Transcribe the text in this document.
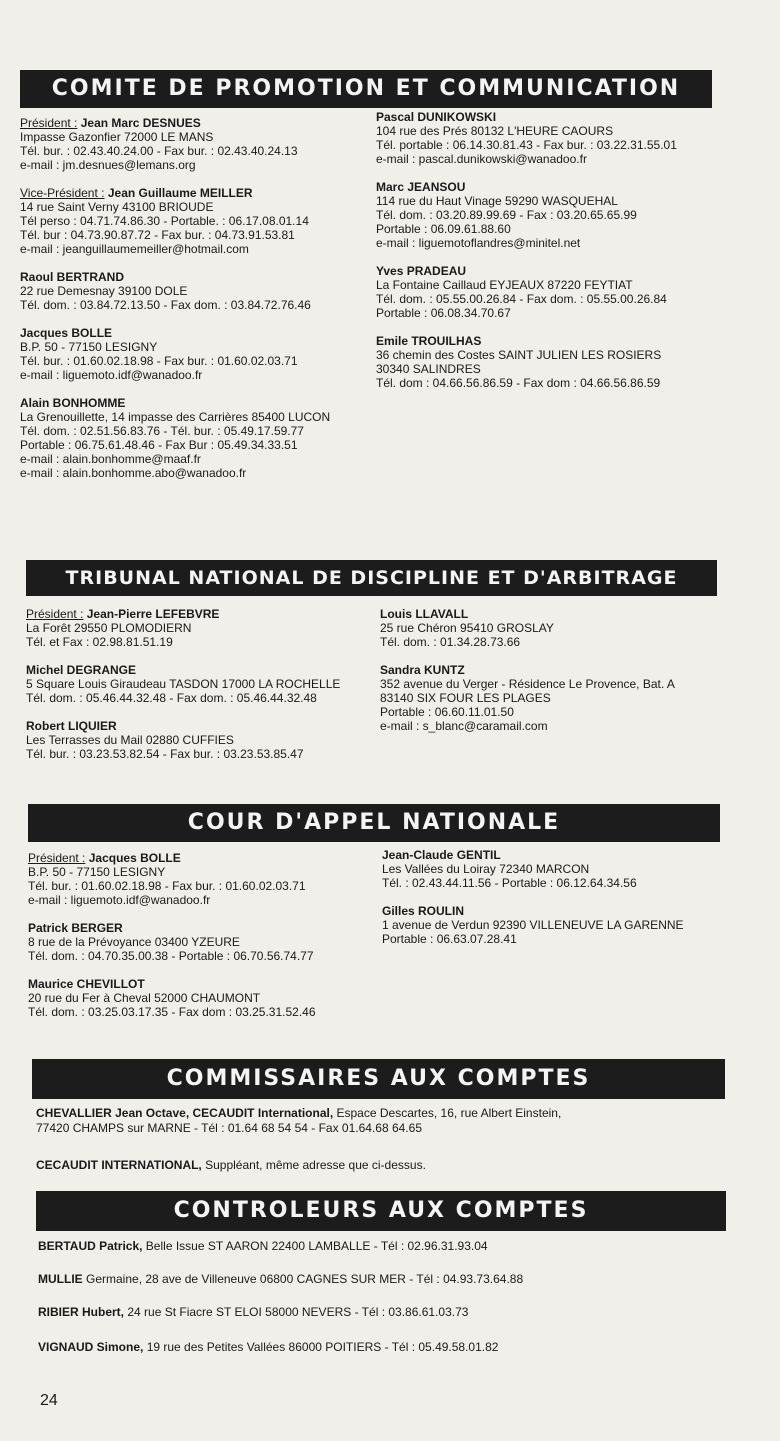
COMITE DE PROMOTION ET COMMUNICATION
Président : Jean Marc DESNUES
Impasse Gazonfier 72000 LE MANS
Tél. bur. : 02.43.40.24.00 - Fax bur. : 02.43.40.24.13
e-mail : jm.desnues@lemans.org
Vice-Président : Jean Guillaume MEILLER
14 rue Saint Verny 43100 BRIOUDE
Tél perso : 04.71.74.86.30 - Portable. : 06.17.08.01.14
Tél. bur : 04.73.90.87.72 - Fax bur. : 04.73.91.53.81
e-mail : jeanguillaumemeiller@hotmail.com
Raoul BERTRAND
22 rue Demesnay 39100 DOLE
Tél. dom. : 03.84.72.13.50 - Fax dom. : 03.84.72.76.46
Jacques BOLLE
B.P. 50 - 77150 LESIGNY
Tél. bur. : 01.60.02.18.98 - Fax bur. : 01.60.02.03.71
e-mail : liguemoto.idf@wanadoo.fr
Alain BONHOMME
La Grenouillette, 14 impasse des Carrières 85400 LUCON
Tél. dom. : 02.51.56.83.76 - Tél. bur. : 05.49.17.59.77
Portable : 06.75.61.48.46 - Fax Bur : 05.49.34.33.51
e-mail : alain.bonhomme@maaf.fr
e-mail : alain.bonhomme.abo@wanadoo.fr
Pascal DUNIKOWSKI
104 rue des Prés 80132 L'HEURE CAOURS
Tél. portable : 06.14.30.81.43 - Fax bur. : 03.22.31.55.01
e-mail : pascal.dunikowski@wanadoo.fr
Marc JEANSOU
114 rue du Haut Vinage 59290 WASQUEHAL
Tél. dom. : 03.20.89.99.69 - Fax : 03.20.65.65.99
Portable : 06.09.61.88.60
e-mail : liguemotoflandres@minitel.net
Yves PRADEAU
La Fontaine Caillaud EYJEAUX 87220 FEYTIAT
Tél. dom. : 05.55.00.26.84 - Fax dom. : 05.55.00.26.84
Portable : 06.08.34.70.67
Emile TROUILHAS
36 chemin des Costes SAINT JULIEN LES ROSIERS
30340 SALINDRES
Tél. dom : 04.66.56.86.59 - Fax dom : 04.66.56.86.59
TRIBUNAL NATIONAL DE DISCIPLINE ET D'ARBITRAGE
Président : Jean-Pierre LEFEBVRE
La Forêt 29550 PLOMODIERN
Tél. et Fax : 02.98.81.51.19
Michel DEGRANGE
5 Square Louis Giraudeau TASDON 17000 LA ROCHELLE
Tél. dom. : 05.46.44.32.48 - Fax dom. : 05.46.44.32.48
Robert LIQUIER
Les Terrasses du Mail 02880 CUFFIES
Tél. bur. : 03.23.53.82.54 - Fax bur. : 03.23.53.85.47
Louis LLAVALL
25 rue Chéron 95410 GROSLAY
Tél. dom. : 01.34.28.73.66
Sandra KUNTZ
352 avenue du Verger - Résidence Le Provence, Bat. A
83140 SIX FOUR LES PLAGES
Portable : 06.60.11.01.50
e-mail : s_blanc@caramail.com
COUR D'APPEL NATIONALE
Président : Jacques BOLLE
B.P. 50 - 77150 LESIGNY
Tél. bur. : 01.60.02.18.98 - Fax bur. : 01.60.02.03.71
e-mail : liguemoto.idf@wanadoo.fr
Patrick BERGER
8 rue de la Prévoyance 03400 YZEURE
Tél. dom. : 04.70.35.00.38 - Portable : 06.70.56.74.77
Maurice CHEVILLOT
20 rue du Fer à Cheval 52000 CHAUMONT
Tél. dom. : 03.25.03.17.35 - Fax dom : 03.25.31.52.46
Jean-Claude GENTIL
Les Vallées du Loiray 72340 MARCON
Tél. : 02.43.44.11.56 - Portable : 06.12.64.34.56
Gilles ROULIN
1 avenue de Verdun 92390 VILLENEUVE LA GARENNE
Portable : 06.63.07.28.41
COMMISSAIRES AUX COMPTES
CHEVALLIER Jean Octave, CECAUDIT International, Espace Descartes, 16, rue Albert Einstein,
77420 CHAMPS sur MARNE - Tél : 01.64 68 54 54 - Fax 01.64.68 64.65
CECAUDIT INTERNATIONAL, Suppléant, même adresse que ci-dessus.
CONTROLEURS AUX COMPTES
BERTAUD Patrick, Belle Issue ST AARON 22400 LAMBALLE - Tél : 02.96.31.93.04
MULLIE Germaine, 28 ave de Villeneuve 06800 CAGNES SUR MER - Tél : 04.93.73.64.88
RIBIER Hubert, 24 rue St Fiacre ST ELOI 58000 NEVERS - Tél : 03.86.61.03.73
VIGNAUD Simone, 19 rue des Petites Vallées 86000 POITIERS - Tél : 05.49.58.01.82
24
